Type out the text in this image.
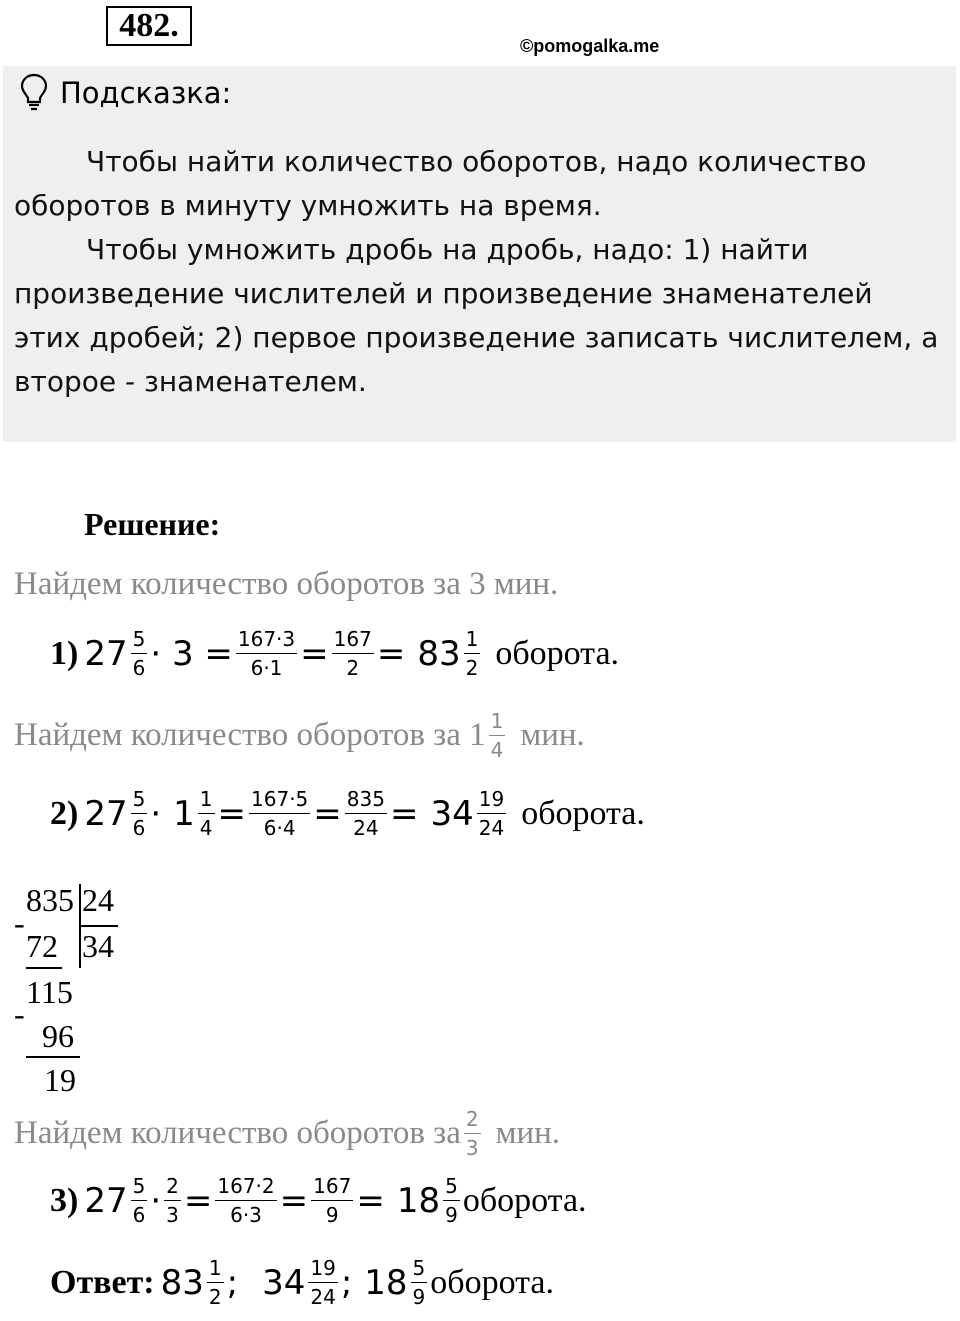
482.
©pomogalka.me
Подсказка:

Чтобы найти количество оборотов, надо количество оборотов в минуту умножить на время.

Чтобы умножить дробь на дробь, надо: 1) найти произведение числителей и произведение знаменателей этих дробей; 2) первое произведение записать числителем, а второе - знаменателем.

Решение:
Найдем количество оборотов за 3 мин.
1) $27 \frac{5}{6} \cdot 3 = \frac{167\cdot 3}{6\cdot 1} = \frac{167}{2} = 83 \frac{1}{2}$ оборота.
Найдем количество оборотов за $1 \frac{1}{4}$ мин.
2) $27 \frac{5}{6} \cdot 1 \frac{1}{4} = \frac{167\cdot 5}{6\cdot 4} = \frac{835}{24} = 34 \frac{19}{24}$ оборота.
835 24
-
72 34
115
-
96
19
Найдем количество оборотов за $\frac{2}{3}$ мин.
3) $27 \frac{5}{6} \cdot \frac{2}{3} = \frac{167\cdot 2}{6\cdot 3} = \frac{167}{9} = 18 \frac{5}{9}$ оборота.
Ответ: $83 \frac{1}{2}$ ; $34 \frac{19}{24}$ ; $18 \frac{5}{9}$ оборота.
